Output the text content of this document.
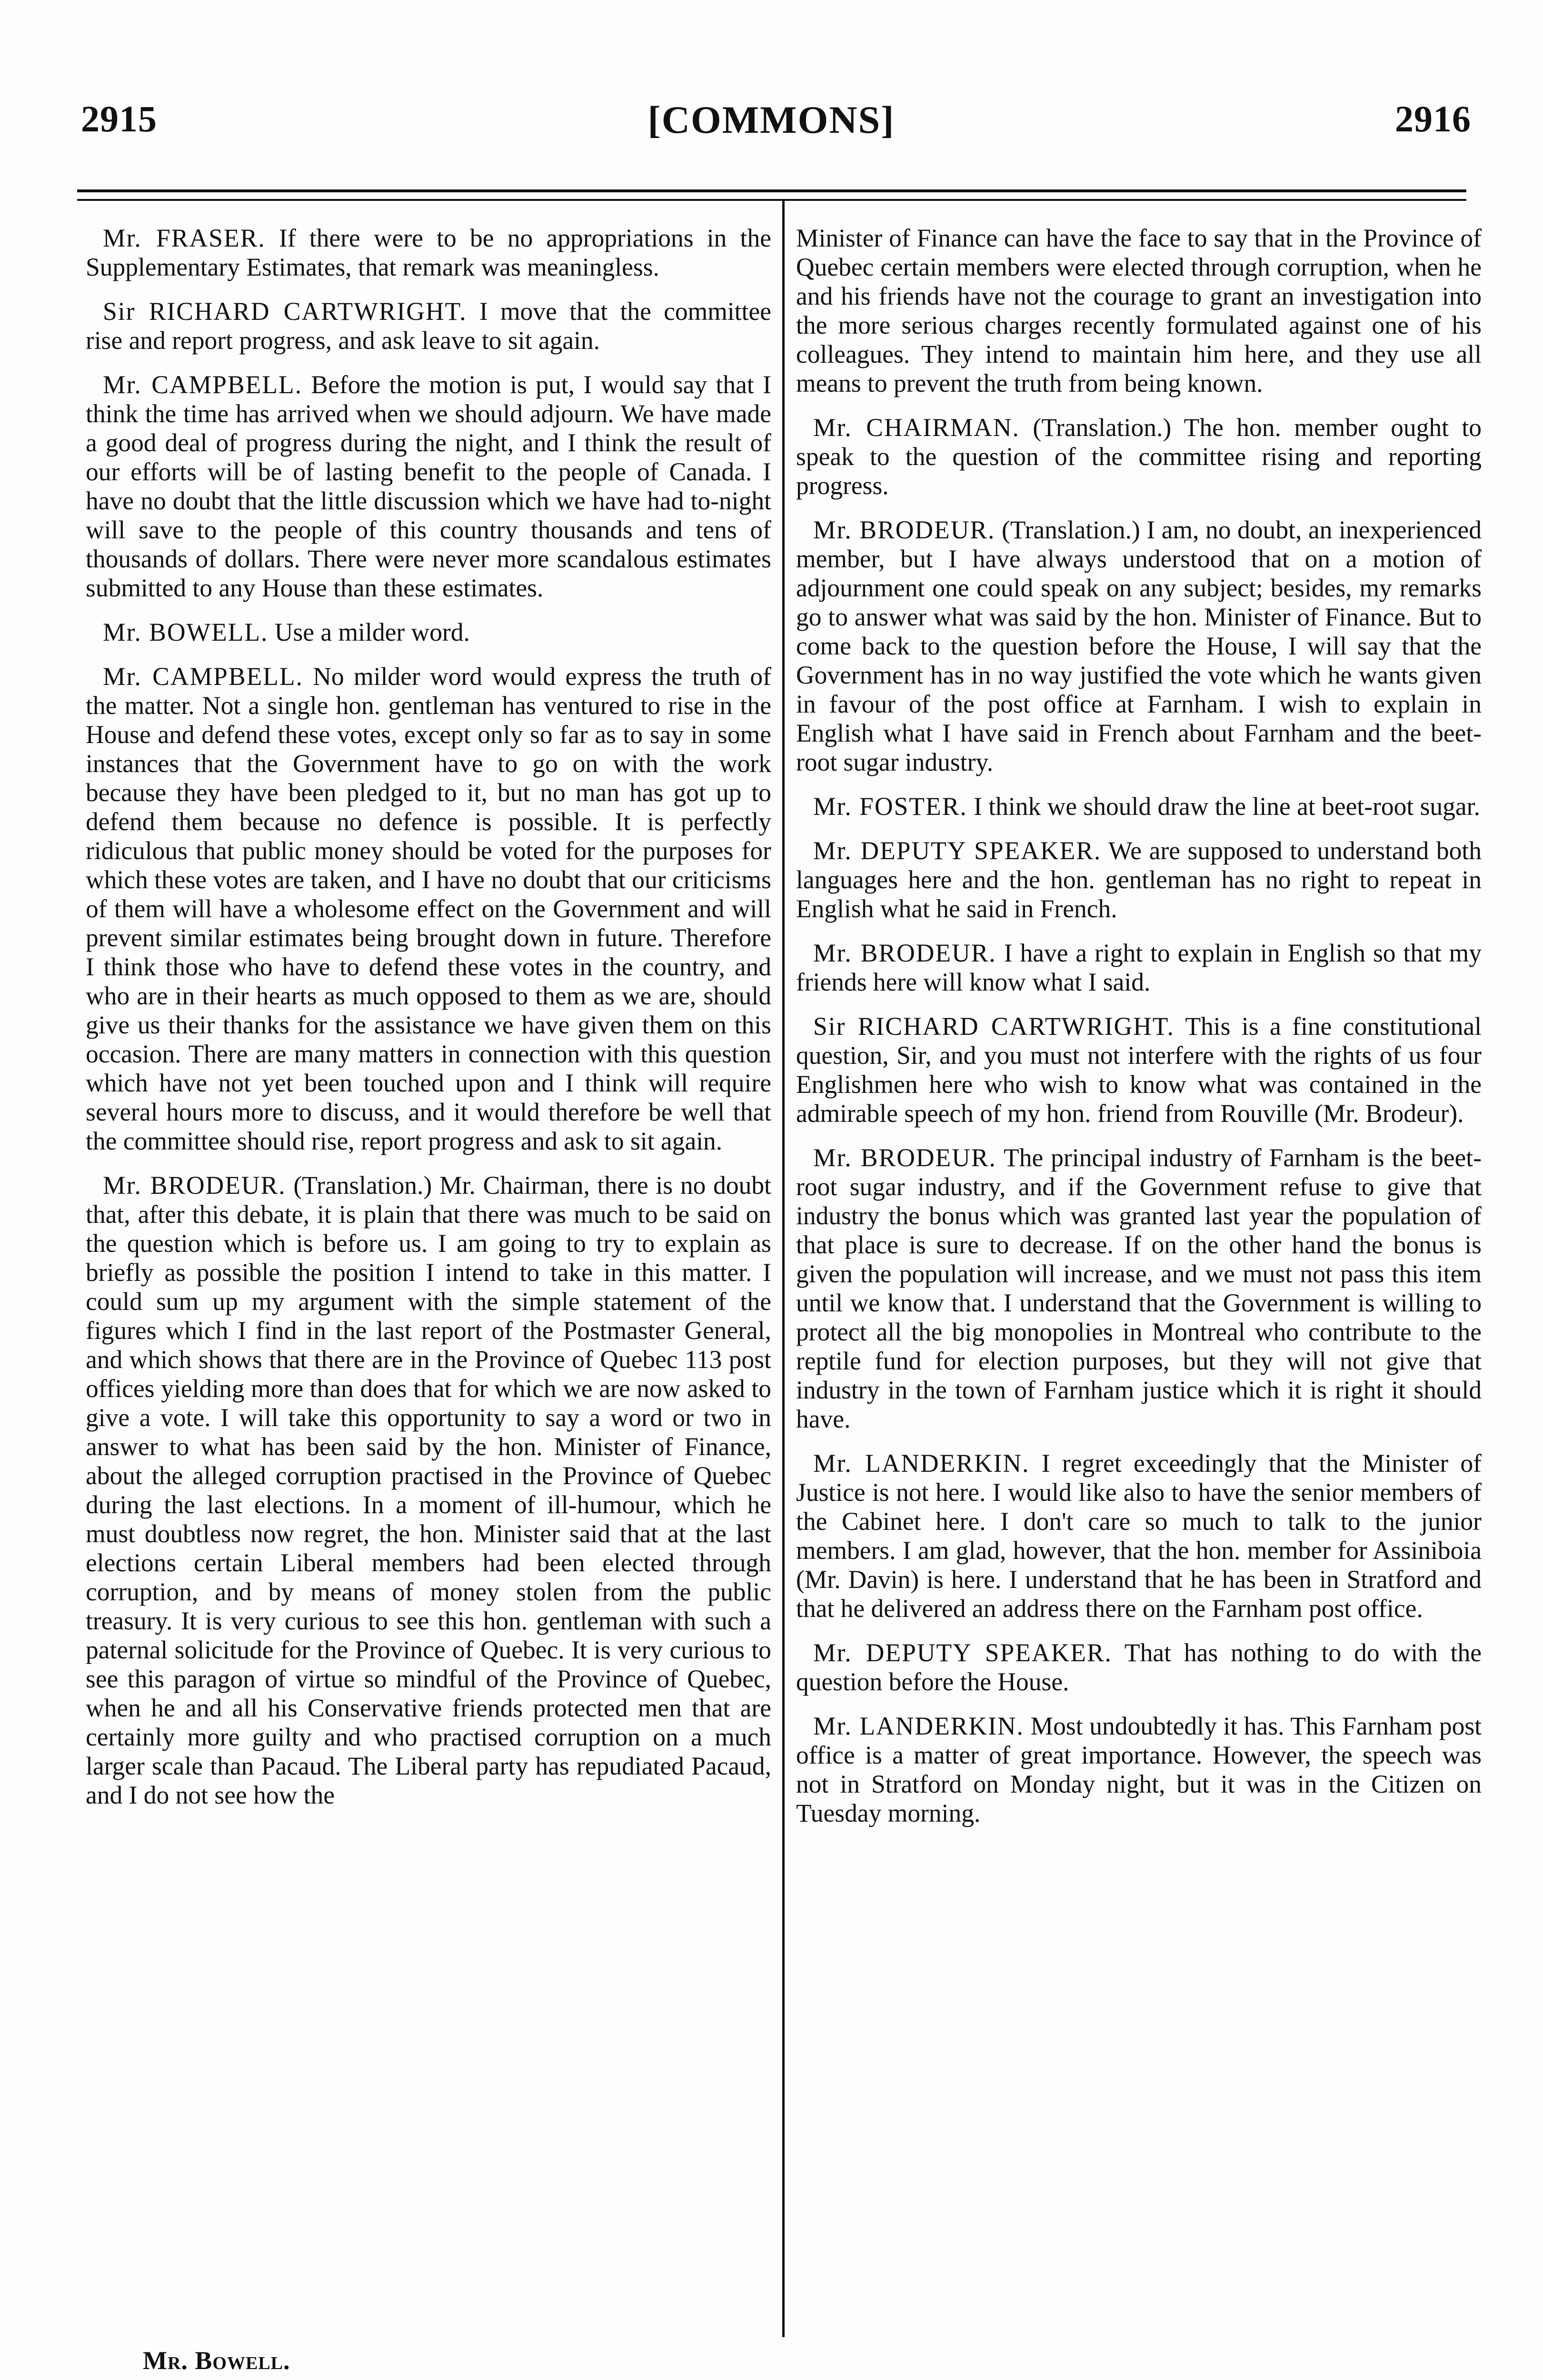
2915	[COMMONS]	2916

Mr. FRASER. If there were to be no appropriations in the Supplementary Estimates, that remark was meaningless.

Sir RICHARD CARTWRIGHT. I move that the committee rise and report progress, and ask leave to sit again.

Mr. CAMPBELL. Before the motion is put, I would say that I think the time has arrived when we should adjourn. We have made a good deal of progress during the night, and I think the result of our efforts will be of lasting benefit to the people of Canada. I have no doubt that the little discussion which we have had to-night will save to the people of this country thousands and tens of thousands of dollars. There were never more scandalous estimates submitted to any House than these estimates.

Mr. BOWELL. Use a milder word.

Mr. CAMPBELL. No milder word would express the truth of the matter. Not a single hon. gentleman has ventured to rise in the House and defend these votes, except only so far as to say in some instances that the Government have to go on with the work because they have been pledged to it, but no man has got up to defend them because no defence is possible. It is perfectly ridiculous that public money should be voted for the purposes for which these votes are taken, and I have no doubt that our criticisms of them will have a wholesome effect on the Government and will prevent similar estimates being brought down in future. Therefore I think those who have to defend these votes in the country, and who are in their hearts as much opposed to them as we are, should give us their thanks for the assistance we have given them on this occasion. There are many matters in connection with this question which have not yet been touched upon and I think will require several hours more to discuss, and it would therefore be well that the committee should rise, report progress and ask to sit again.

Mr. BRODEUR. (Translation.) Mr. Chairman, there is no doubt that, after this debate, it is plain that there was much to be said on the question which is before us. I am going to try to explain as briefly as possible the position I intend to take in this matter. I could sum up my argument with the simple statement of the figures which I find in the last report of the Postmaster General, and which shows that there are in the Province of Quebec 113 post offices yielding more than does that for which we are now asked to give a vote. I will take this opportunity to say a word or two in answer to what has been said by the hon. Minister of Finance, about the alleged corruption practised in the Province of Quebec during the last elections. In a moment of ill-humour, which he must doubtless now regret, the hon. Minister said that at the last elections certain Liberal members had been elected through corruption, and by means of money stolen from the public treasury. It is very curious to see this hon. gentleman with such a paternal solicitude for the Province of Quebec. It is very curious to see this paragon of virtue so mindful of the Province of Quebec, when he and all his Conservative friends protected men that are certainly more guilty and who practised corruption on a much larger scale than Pacaud. The Liberal party has repudiated Pacaud, and I do not see how the

Minister of Finance can have the face to say that in the Province of Quebec certain members were elected through corruption, when he and his friends have not the courage to grant an investigation into the more serious charges recently formulated against one of his colleagues. They intend to maintain him here, and they use all means to prevent the truth from being known.

Mr. CHAIRMAN. (Translation.) The hon. member ought to speak to the question of the committee rising and reporting progress.

Mr. BRODEUR. (Translation.) I am, no doubt, an inexperienced member, but I have always understood that on a motion of adjournment one could speak on any subject; besides, my remarks go to answer what was said by the hon. Minister of Finance. But to come back to the question before the House, I will say that the Government has in no way justified the vote which he wants given in favour of the post office at Farnham. I wish to explain in English what I have said in French about Farnham and the beet-root sugar industry.

Mr. FOSTER. I think we should draw the line at beet-root sugar.

Mr. DEPUTY SPEAKER. We are supposed to understand both languages here and the hon. gentleman has no right to repeat in English what he said in French.

Mr. BRODEUR. I have a right to explain in English so that my friends here will know what I said.

Sir RICHARD CARTWRIGHT. This is a fine constitutional question, Sir, and you must not interfere with the rights of us four Englishmen here who wish to know what was contained in the admirable speech of my hon. friend from Rouville (Mr. Brodeur).

Mr. BRODEUR. The principal industry of Farnham is the beet-root sugar industry, and if the Government refuse to give that industry the bonus which was granted last year the population of that place is sure to decrease. If on the other hand the bonus is given the population will increase, and we must not pass this item until we know that. I understand that the Government is willing to protect all the big monopolies in Montreal who contribute to the reptile fund for election purposes, but they will not give that industry in the town of Farnham justice which it is right it should have.

Mr. LANDERKIN. I regret exceedingly that the Minister of Justice is not here. I would like also to have the senior members of the Cabinet here. I don't care so much to talk to the junior members. I am glad, however, that the hon. member for Assiniboia (Mr. Davin) is here. I understand that he has been in Stratford and that he delivered an address there on the Farnham post office.

Mr. DEPUTY SPEAKER. That has nothing to do with the question before the House.

Mr. LANDERKIN. Most undoubtedly it has. This Farnham post office is a matter of great importance. However, the speech was not in Stratford on Monday night, but it was in the Citizen on Tuesday morning.

Mr. Bowell.
